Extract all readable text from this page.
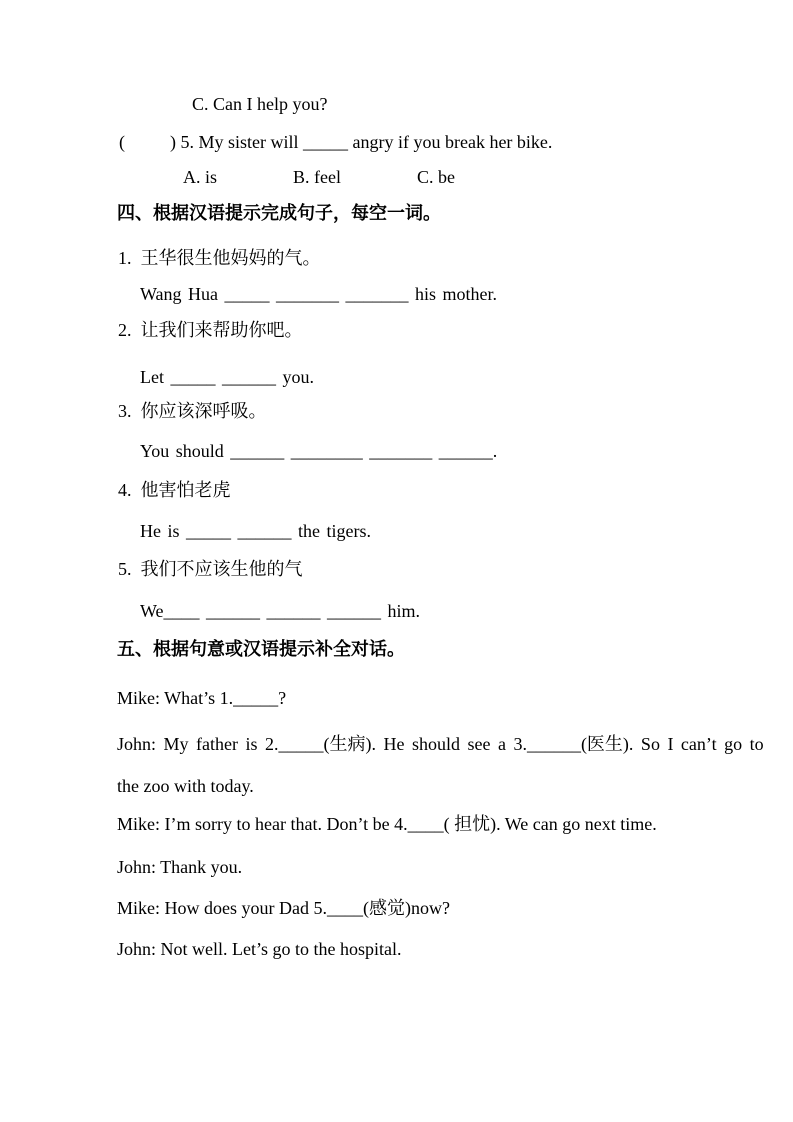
C. Can I help you?
(          ) 5. My sister will _____ angry if you break her bike.
A. is	B. feel	C. be
四、根据汉语提示完成句子，每空一词。
1.  王华很生他妈妈的气。
Wang Hua _____ _______ _______ his mother.
2.  让我们来帮助你吧。
Let _____ ______ you.
3.  你应该深呼吸。
You should ______ ________ _______ ______.
4.  他害怕老虎
He is _____ ______ the tigers.
5.  我们不应该生他的气
We____ ______ ______ ______ him.
五、根据句意或汉语提示补全对话。
Mike: What’s 1._____?
John: My father is 2._____(生病). He should see a 3.______(医生). So I can’t go to
the zoo with today.
Mike: I’m sorry to hear that. Don’t be 4.____( 担忧). We can go next time.
John: Thank you.
Mike: How does your Dad 5.____(感觉)now?
John: Not well. Let’s go to the hospital.
